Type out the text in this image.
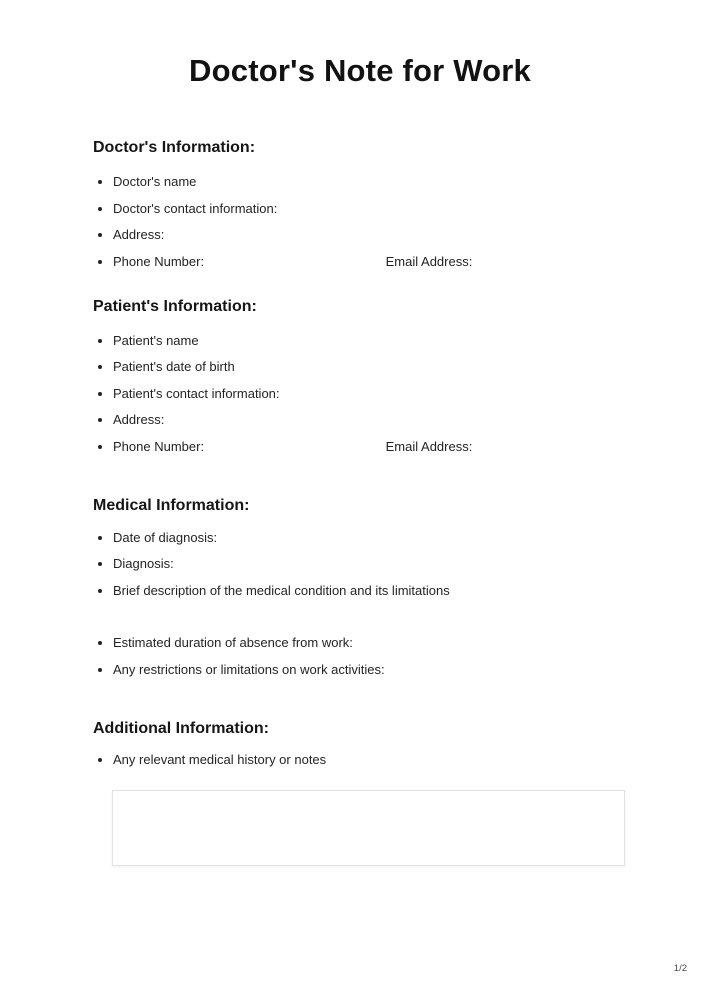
Doctor's Note for Work
Doctor's Information:
• Doctor's name
• Doctor's contact information:
• Address:
• Phone Number:	Email Address:
Patient's Information:
• Patient's name
• Patient's date of birth
• Patient's contact information:
• Address:
• Phone Number:	Email Address:
Medical Information:
• Date of diagnosis:
• Diagnosis:
• Brief description of the medical condition and its limitations
• Estimated duration of absence from work:
• Any restrictions or limitations on work activities:
Additional Information:
• Any relevant medical history or notes
1/2
